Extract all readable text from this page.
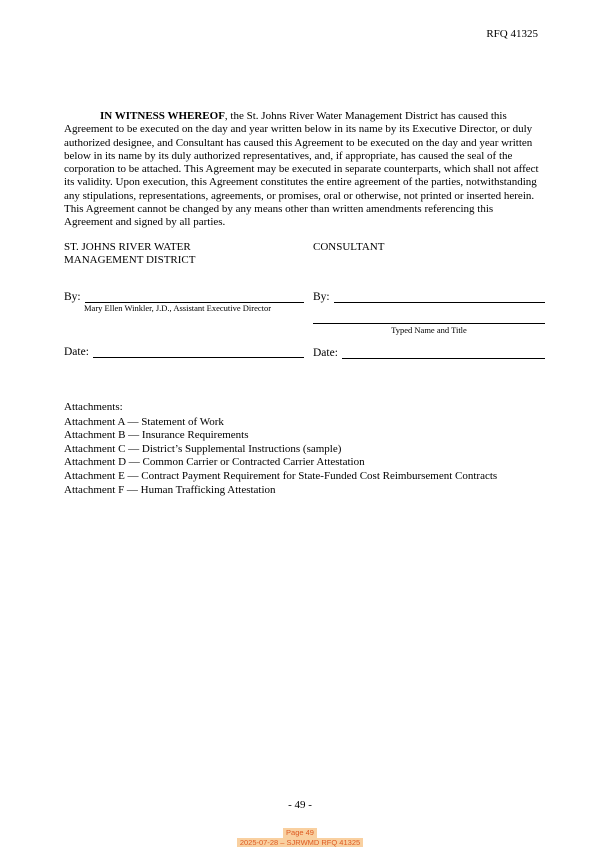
RFQ 41325

IN WITNESS WHEREOF, the St. Johns River Water Management District has caused this Agreement to be executed on the day and year written below in its name by its Executive Director, or duly authorized designee, and Consultant has caused this Agreement to be executed on the day and year written below in its name by its duly authorized representatives, and, if appropriate, has caused the seal of the corporation to be attached. This Agreement may be executed in separate counterparts, which shall not affect its validity. Upon execution, this Agreement constitutes the entire agreement of the parties, notwithstanding any stipulations, representations, agreements, or promises, oral or otherwise, not printed or inserted herein. This Agreement cannot be changed by any means other than written amendments referencing this Agreement and signed by all parties.

ST. JOHNS RIVER WATER MANAGEMENT DISTRICT
CONSULTANT
By:
Mary Ellen Winkler, J.D., Assistant Executive Director
Date:
By:
Typed Name and Title
Date:
Attachments:
Attachment A — Statement of Work
Attachment B — Insurance Requirements
Attachment C — District’s Supplemental Instructions (sample)
Attachment D — Common Carrier or Contracted Carrier Attestation
Attachment E — Contract Payment Requirement for State-Funded Cost Reimbursement Contracts
Attachment F — Human Trafficking Attestation
- 49 -
Page 49
2025-07-28 – SJRWMD RFQ 41325
